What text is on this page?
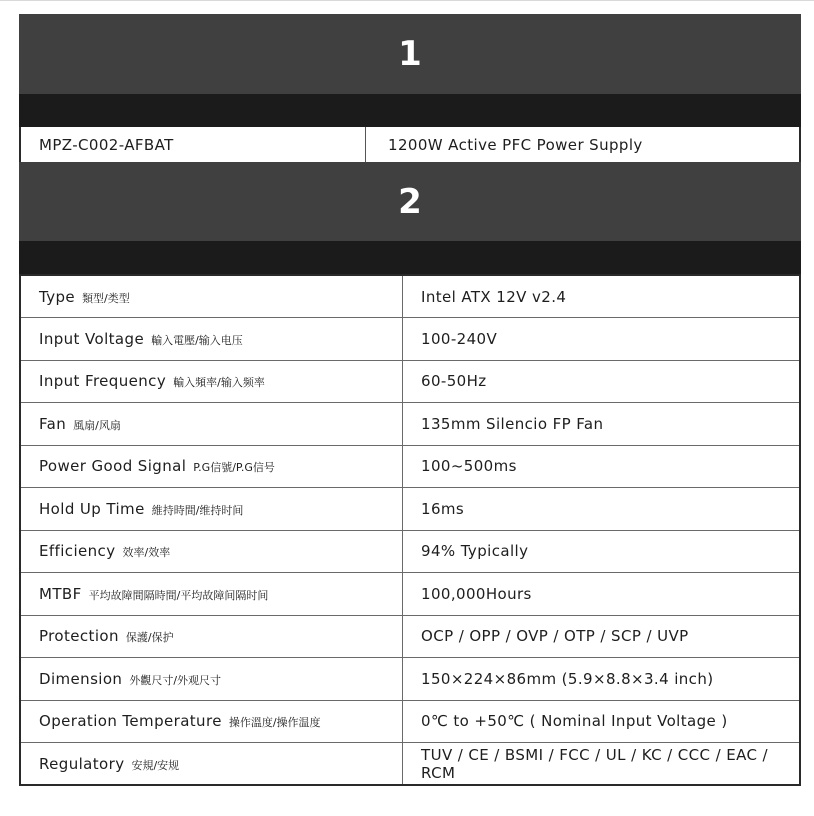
1
MPZ-C002-AFBAT	1200W Active PFC Power Supply
2
Type 類型/类型	Intel ATX 12V v2.4
Input Voltage 輸入電壓/输入电压	100-240V
Input Frequency 輸入頻率/输入频率	60-50Hz
Fan 風扇/风扇	135mm Silencio FP Fan
Power Good Signal P.G信號/P.G信号	100~500ms
Hold Up Time 維持時間/维持时间	16ms
Efficiency 效率/效率	94% Typically
MTBF 平均故障間隔時間/平均故障间隔时间	100,000Hours
Protection 保護/保护	OCP / OPP / OVP / OTP / SCP / UVP
Dimension 外觀尺寸/外观尺寸	150×224×86mm (5.9×8.8×3.4 inch)
Operation Temperature 操作溫度/操作温度	0℃ to +50℃ ( Nominal Input Voltage )
Regulatory 安規/安规	TUV / CE / BSMI / FCC / UL / KC / CCC / EAC / RCM
